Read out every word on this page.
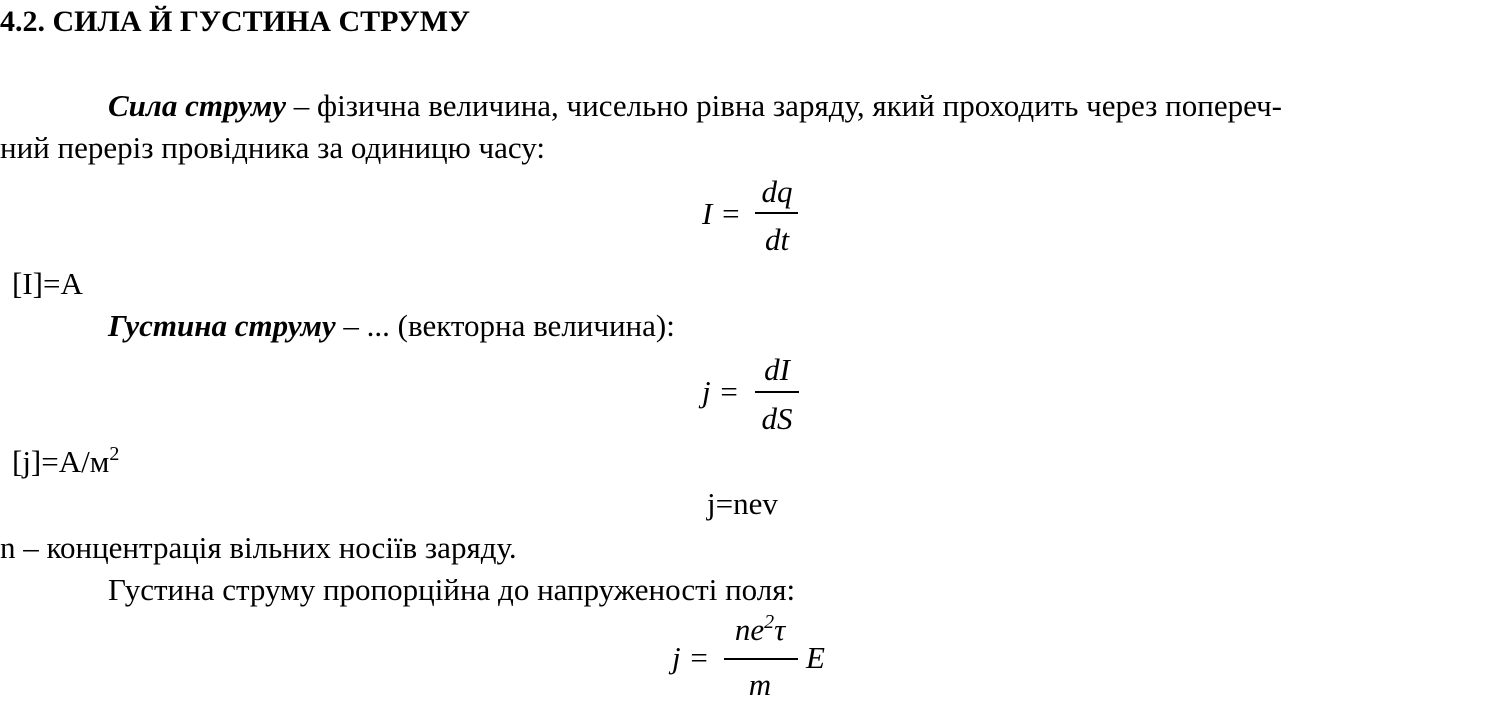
4.2. СИЛА Й ГУСТИНА СТРУМУ
Сила струму – фізична величина, чисельно рівна заряду, який проходить через попереч-
ний переріз провідника за одиницю часу:
I =
dq
dt
[I]=A
Густина струму – ... (векторна величина):
j =
dI
dS
$[j]=A/м^2$
j=nev
n – концентрація вільних носіїв заряду.
Густина струму пропорційна до напруженості поля:
j =
$ne^2\tau$
m
E
